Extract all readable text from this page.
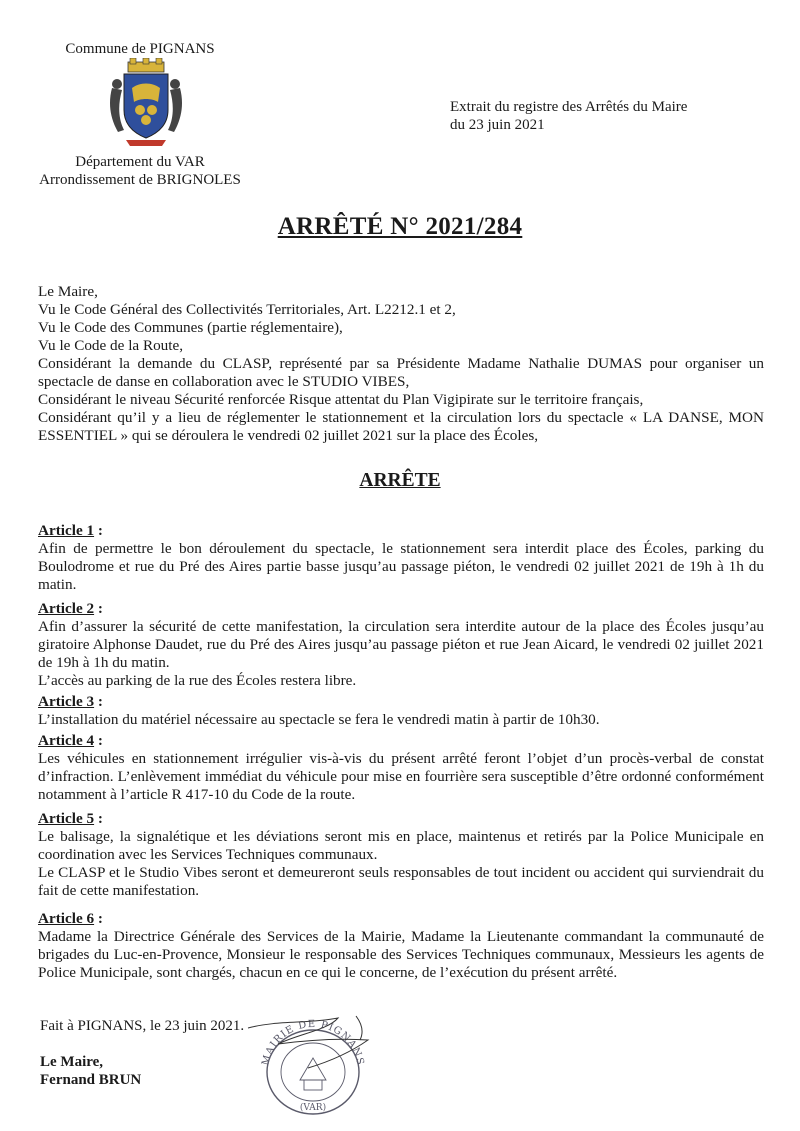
Commune de PIGNANS
Département du VAR
Arrondissement de BRIGNOLES
Extrait du registre des Arrêtés du Maire
du 23 juin 2021
ARRÊTÉ N° 2021/284

Le Maire,

Vu le Code Général des Collectivités Territoriales, Art. L2212.1 et 2,

Vu le Code des Communes (partie réglementaire),

Vu le Code de la Route,

Considérant la demande du CLASP, représenté par sa Présidente Madame Nathalie DUMAS pour organiser un spectacle de danse en collaboration avec le STUDIO VIBES,

Considérant le niveau Sécurité renforcée Risque attentat du Plan Vigipirate sur le territoire français,

Considérant qu’il y a lieu de réglementer le stationnement et la circulation lors du spectacle « LA DANSE, MON ESSENTIEL » qui se déroulera le vendredi 02 juillet 2021 sur la place des Écoles,

ARRÊTE
Article 1 :

Afin de permettre le bon déroulement du spectacle, le stationnement sera interdit place des Écoles, parking du Boulodrome et rue du Pré des Aires partie basse jusqu’au passage piéton, le vendredi 02 juillet 2021 de 19h à 1h du matin.

Article 2 :

Afin d’assurer la sécurité de cette manifestation, la circulation sera interdite autour de la place des Écoles jusqu’au giratoire Alphonse Daudet, rue du Pré des Aires jusqu’au passage piéton et rue Jean Aicard, le vendredi 02 juillet 2021 de 19h à 1h du matin.

L’accès au parking de la rue des Écoles restera libre.

Article 3 :

L’installation du matériel nécessaire au spectacle se fera le vendredi matin à partir de 10h30.

Article 4 :

Les véhicules en stationnement irrégulier vis-à-vis du présent arrêté feront l’objet d’un procès-verbal de constat d’infraction. L’enlèvement immédiat du véhicule pour mise en fourrière sera susceptible d’être ordonné conformément notamment à l’article R 417-10 du Code de la route.

Article 5 :

Le balisage, la signalétique et les déviations seront mis en place, maintenus et retirés par la Police Municipale en coordination avec les Services Techniques communaux.

Le CLASP et le Studio Vibes seront et demeureront seuls responsables de tout incident ou accident qui surviendrait du fait de cette manifestation.

Article 6 :

Madame la Directrice Générale des Services de la Mairie, Madame la Lieutenante commandant la communauté de brigades du Luc-en-Provence, Monsieur le responsable des Services Techniques communaux, Messieurs les agents de Police Municipale, sont chargés, chacun en ce qui le concerne, de l’exécution du présent arrêté.

Fait à PIGNANS, le 23 juin 2021.
Le Maire,
Fernand BRUN
MAIRIE DE PIGNANS
(VAR)
